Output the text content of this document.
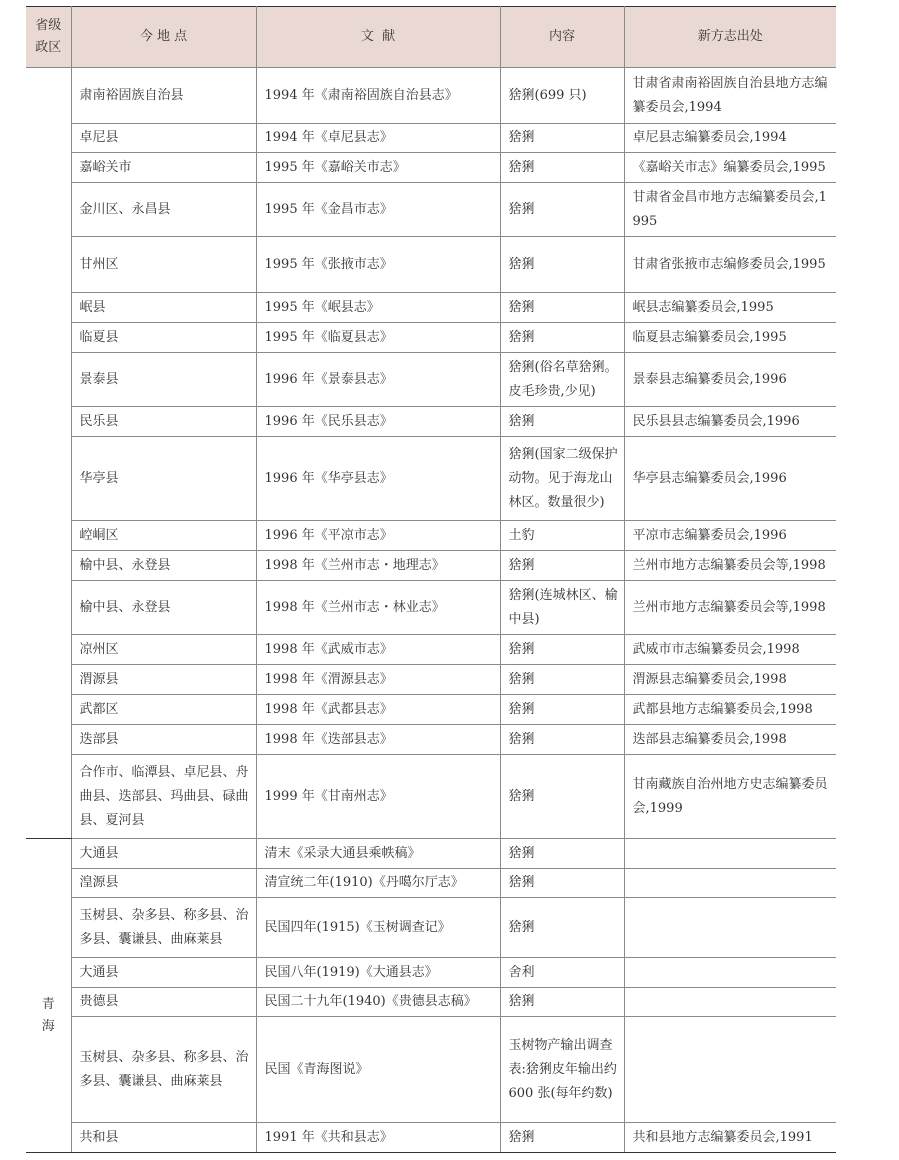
省级
政区	今 地 点	文  献	内容	新方志出处
	肃南裕固族自治县	1994 年《肃南裕固族自治县志》	猞猁(699 只)	甘肃省肃南裕固族自治县地方志编纂委员会,1994
	卓尼县	1994 年《卓尼县志》	猞猁	卓尼县志编纂委员会,1994
	嘉峪关市	1995 年《嘉峪关市志》	猞猁	《嘉峪关市志》编纂委员会,1995
	金川区、永昌县	1995 年《金昌市志》	猞猁	甘肃省金昌市地方志编纂委员会,1995
	甘州区	1995 年《张掖市志》	猞猁	甘肃省张掖市志编修委员会,1995
	岷县	1995 年《岷县志》	猞猁	岷县志编纂委员会,1995
	临夏县	1995 年《临夏县志》	猞猁	临夏县志编纂委员会,1995
	景泰县	1996 年《景泰县志》	猞猁(俗名草猞猁。皮毛珍贵,少见)	景泰县志编纂委员会,1996
	民乐县	1996 年《民乐县志》	猞猁	民乐县县志编纂委员会,1996
	华亭县	1996 年《华亭县志》	猞猁(国家二级保护动物。见于海龙山林区。数量很少)	华亭县志编纂委员会,1996
	崆峒区	1996 年《平凉市志》	土豹	平凉市志编纂委员会,1996
	榆中县、永登县	1998 年《兰州市志・地理志》	猞猁	兰州市地方志编纂委员会等,1998
	榆中县、永登县	1998 年《兰州市志・林业志》	猞猁(连城林区、榆中县)	兰州市地方志编纂委员会等,1998
	凉州区	1998 年《武威市志》	猞猁	武威市市志编纂委员会,1998
	渭源县	1998 年《渭源县志》	猞猁	渭源县志编纂委员会,1998
	武都区	1998 年《武都县志》	猞猁	武都县地方志编纂委员会,1998
	迭部县	1998 年《迭部县志》	猞猁	迭部县志编纂委员会,1998
	合作市、临潭县、卓尼县、舟曲县、迭部县、玛曲县、碌曲县、夏河县	1999 年《甘南州志》	猞猁	甘南藏族自治州地方史志编纂委员会,1999
青
海	大通县	清末《采录大通县乘帙稿》	猞猁	
	湟源县	清宣统二年(1910)《丹噶尔厅志》	猞猁	
	玉树县、杂多县、称多县、治多县、囊谦县、曲麻莱县	民国四年(1915)《玉树调查记》	猞猁	
	大通县	民国八年(1919)《大通县志》	舍利	
	贵德县	民国二十九年(1940)《贵德县志稿》	猞猁	
	玉树县、杂多县、称多县、治多县、囊谦县、曲麻莱县	民国《青海图说》	玉树物产输出调查表:猞猁皮年输出约 600 张(每年约数)	
	共和县	1991 年《共和县志》	猞猁	共和县地方志编纂委员会,1991
